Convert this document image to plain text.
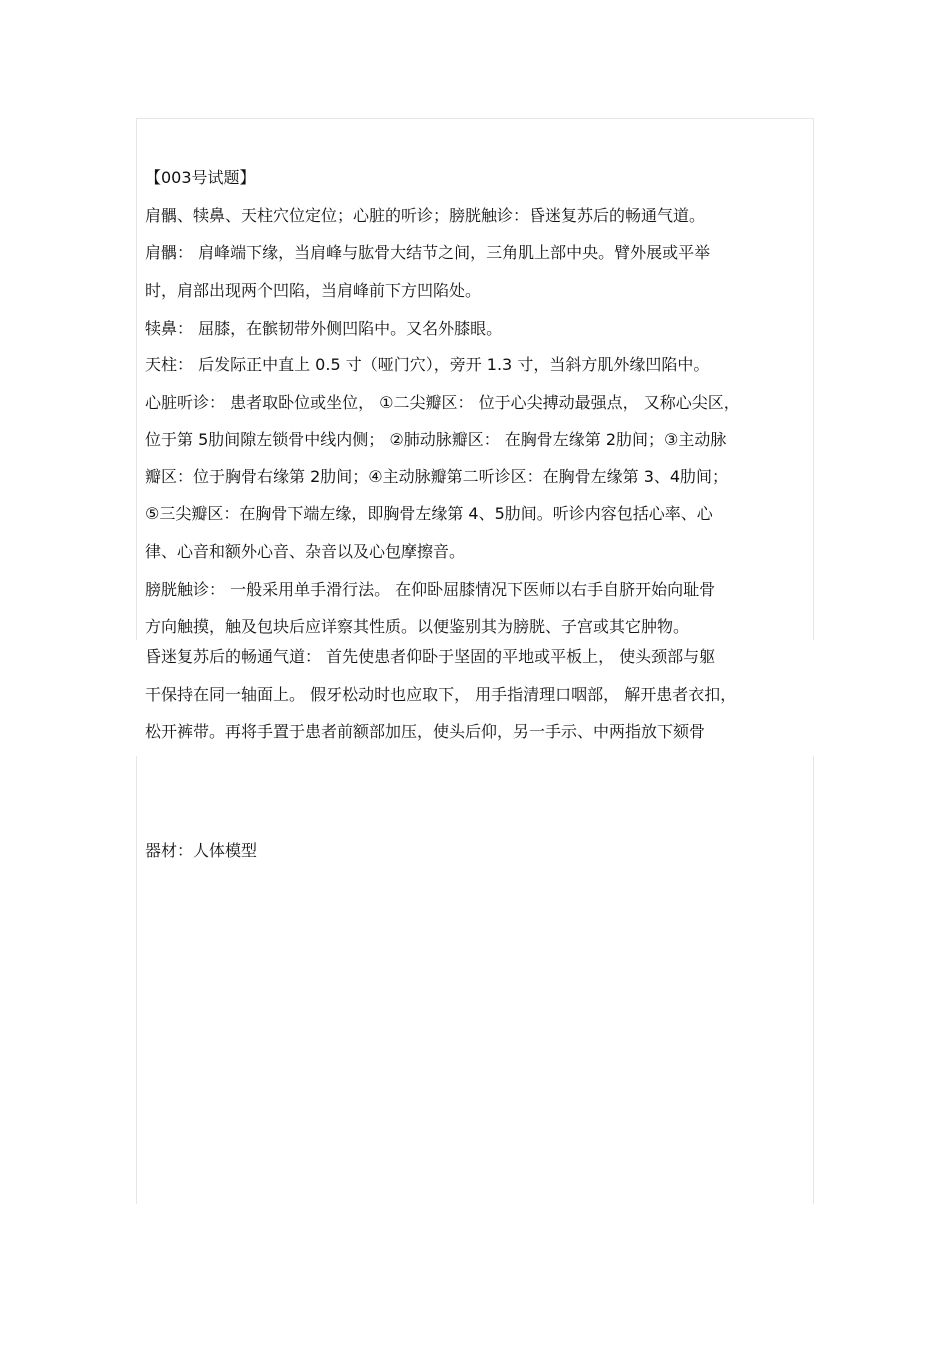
【003号试题】

肩髃、犊鼻、天柱穴位定位；心脏的听诊；膀胱触诊：昏迷复苏后的畅通气道。

肩髃： 肩峰端下缘，当肩峰与肱骨大结节之间，三角肌上部中央。臂外展或平举

时，肩部出现两个凹陷，当肩峰前下方凹陷处。

犊鼻： 屈膝，在髌韧带外侧凹陷中。又名外膝眼。

天柱： 后发际正中直上 0.5 寸（哑门穴），旁开 1.3 寸，当斜方肌外缘凹陷中。

心脏听诊： 患者取卧位或坐位， ①二尖瓣区： 位于心尖搏动最强点， 又称心尖区，

位于第 5肋间隙左锁骨中线内侧； ②肺动脉瓣区： 在胸骨左缘第 2肋间；③主动脉

瓣区：位于胸骨右缘第 2肋间；④主动脉瓣第二听诊区：在胸骨左缘第 3、4肋间；

⑤三尖瓣区：在胸骨下端左缘，即胸骨左缘第 4、5肋间。听诊内容包括心率、心

律、心音和额外心音、杂音以及心包摩擦音。

膀胱触诊： 一般采用单手滑行法。 在仰卧屈膝情况下医师以右手自脐开始向耻骨

方向触摸，触及包块后应详察其性质。以便鉴别其为膀胱、子宫或其它肿物。

昏迷复苏后的畅通气道： 首先使患者仰卧于坚固的平地或平板上， 使头颈部与躯

干保持在同一轴面上。 假牙松动时也应取下， 用手指清理口咽部， 解开患者衣扣，

松开裤带。再将手置于患者前额部加压，使头后仰，另一手示、中两指放下颏骨

器材：人体模型
